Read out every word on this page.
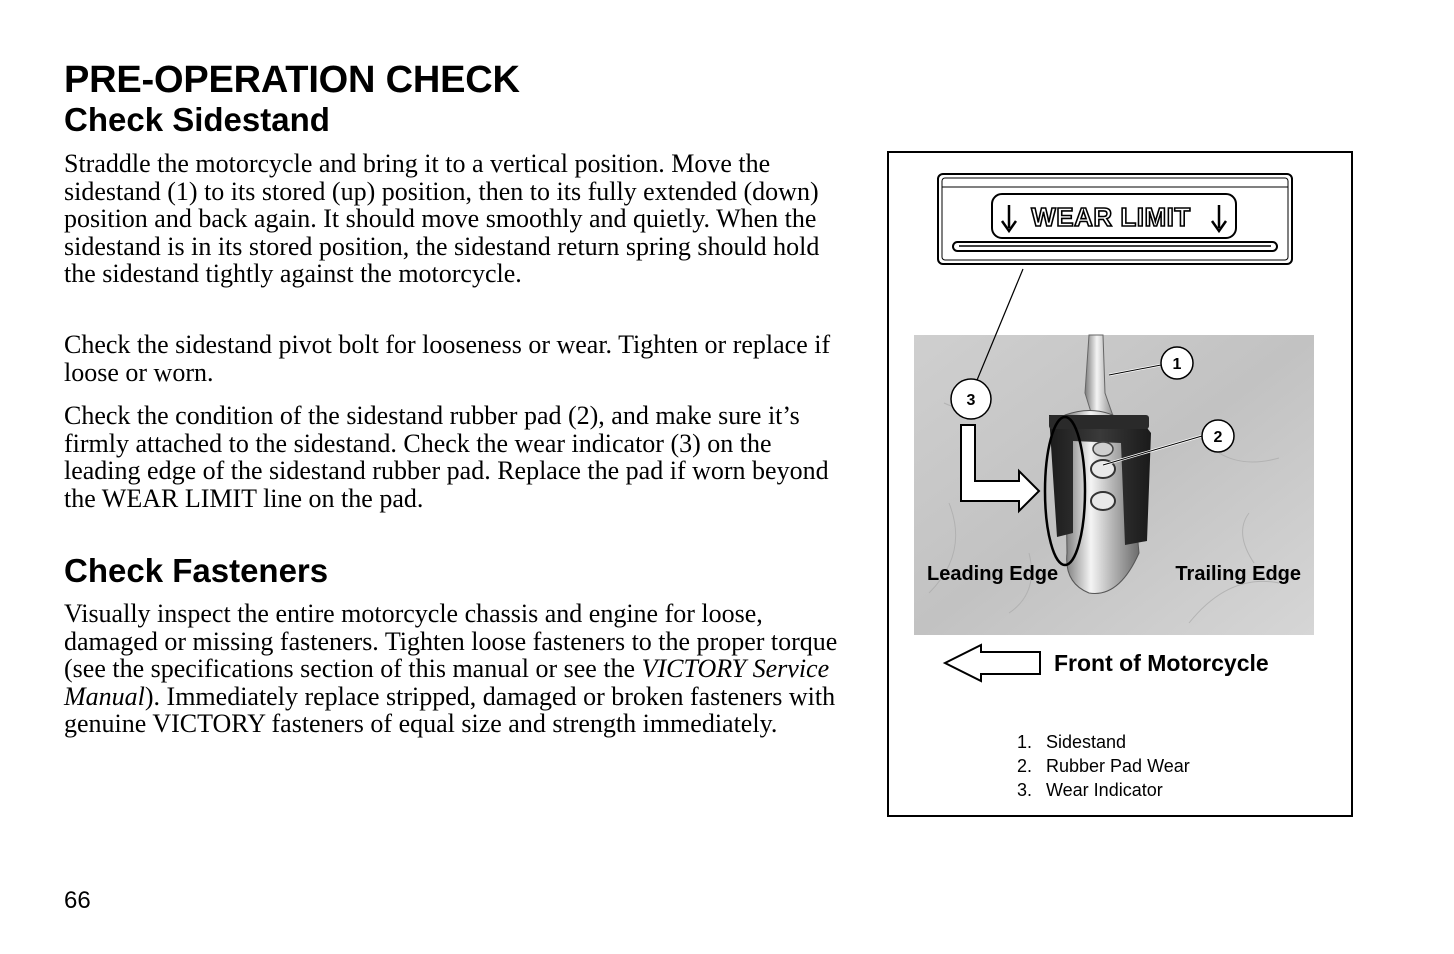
PRE-OPERATION CHECK
Check Sidestand

Straddle the motorcycle and bring it to a vertical position. Move the sidestand (1) to its stored (up) position, then to its fully extended (down) position and back again. It should move smoothly and quietly. When the sidestand is in its stored position, the sidestand return spring should hold the sidestand tightly against the motorcycle.

Check the sidestand pivot bolt for looseness or wear. Tighten or replace if loose or worn.

Check the condition of the sidestand rubber pad (2), and make sure it’s firmly attached to the sidestand. Check the wear indicator (3) on the leading edge of the sidestand rubber pad. Replace the pad if worn beyond the WEAR LIMIT line on the pad.

Check Fasteners

Visually inspect the entire motorcycle chassis and engine for loose, damaged or missing fasteners. Tighten loose fasteners to the proper torque (see the specifications section of this manual or see the VICTORY Service Manual). Immediately replace stripped, damaged or broken fasteners with genuine VICTORY fasteners of equal size and strength immediately.

66
WEAR LIMIT
1
2
3
Leading Edge	Trailing Edge
Front of Motorcycle
1. Sidestand
2. Rubber Pad Wear
3. Wear Indicator
